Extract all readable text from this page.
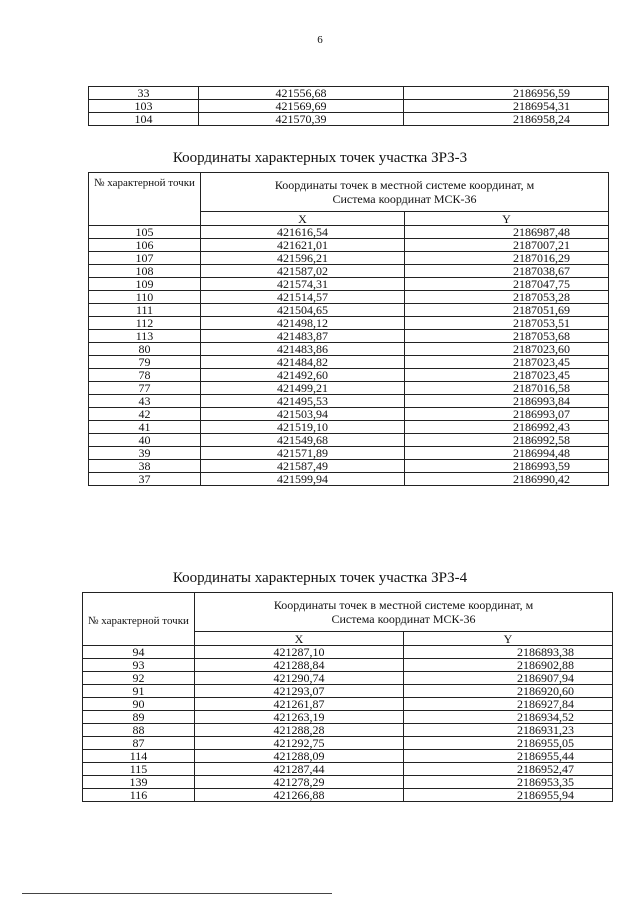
6
33	421556,68	2186956,59
103	421569,69	2186954,31
104	421570,39	2186958,24
Координаты характерных точек участка ЗРЗ-3
№ характерной точки	Координаты точек в местной системе координат, м
Система координат МСК-36	
	X	Y
105	421616,54	2186987,48
106	421621,01	2187007,21
107	421596,21	2187016,29
108	421587,02	2187038,67
109	421574,31	2187047,75
110	421514,57	2187053,28
111	421504,65	2187051,69
112	421498,12	2187053,51
113	421483,87	2187053,68
80	421483,86	2187023,60
79	421484,82	2187023,45
78	421492,60	2187023,45
77	421499,21	2187016,58
43	421495,53	2186993,84
42	421503,94	2186993,07
41	421519,10	2186992,43
40	421549,68	2186992,58
39	421571,89	2186994,48
38	421587,49	2186993,59
37	421599,94	2186990,42
Координаты характерных точек участка ЗРЗ-4
№ характерной точки	Координаты точек в местной системе координат, м
Система координат МСК-36	
	X	Y
94	421287,10	2186893,38
93	421288,84	2186902,88
92	421290,74	2186907,94
91	421293,07	2186920,60
90	421261,87	2186927,84
89	421263,19	2186934,52
88	421288,28	2186931,23
87	421292,75	2186955,05
114	421288,09	2186955,44
115	421287,44	2186952,47
139	421278,29	2186953,35
116	421266,88	2186955,94
